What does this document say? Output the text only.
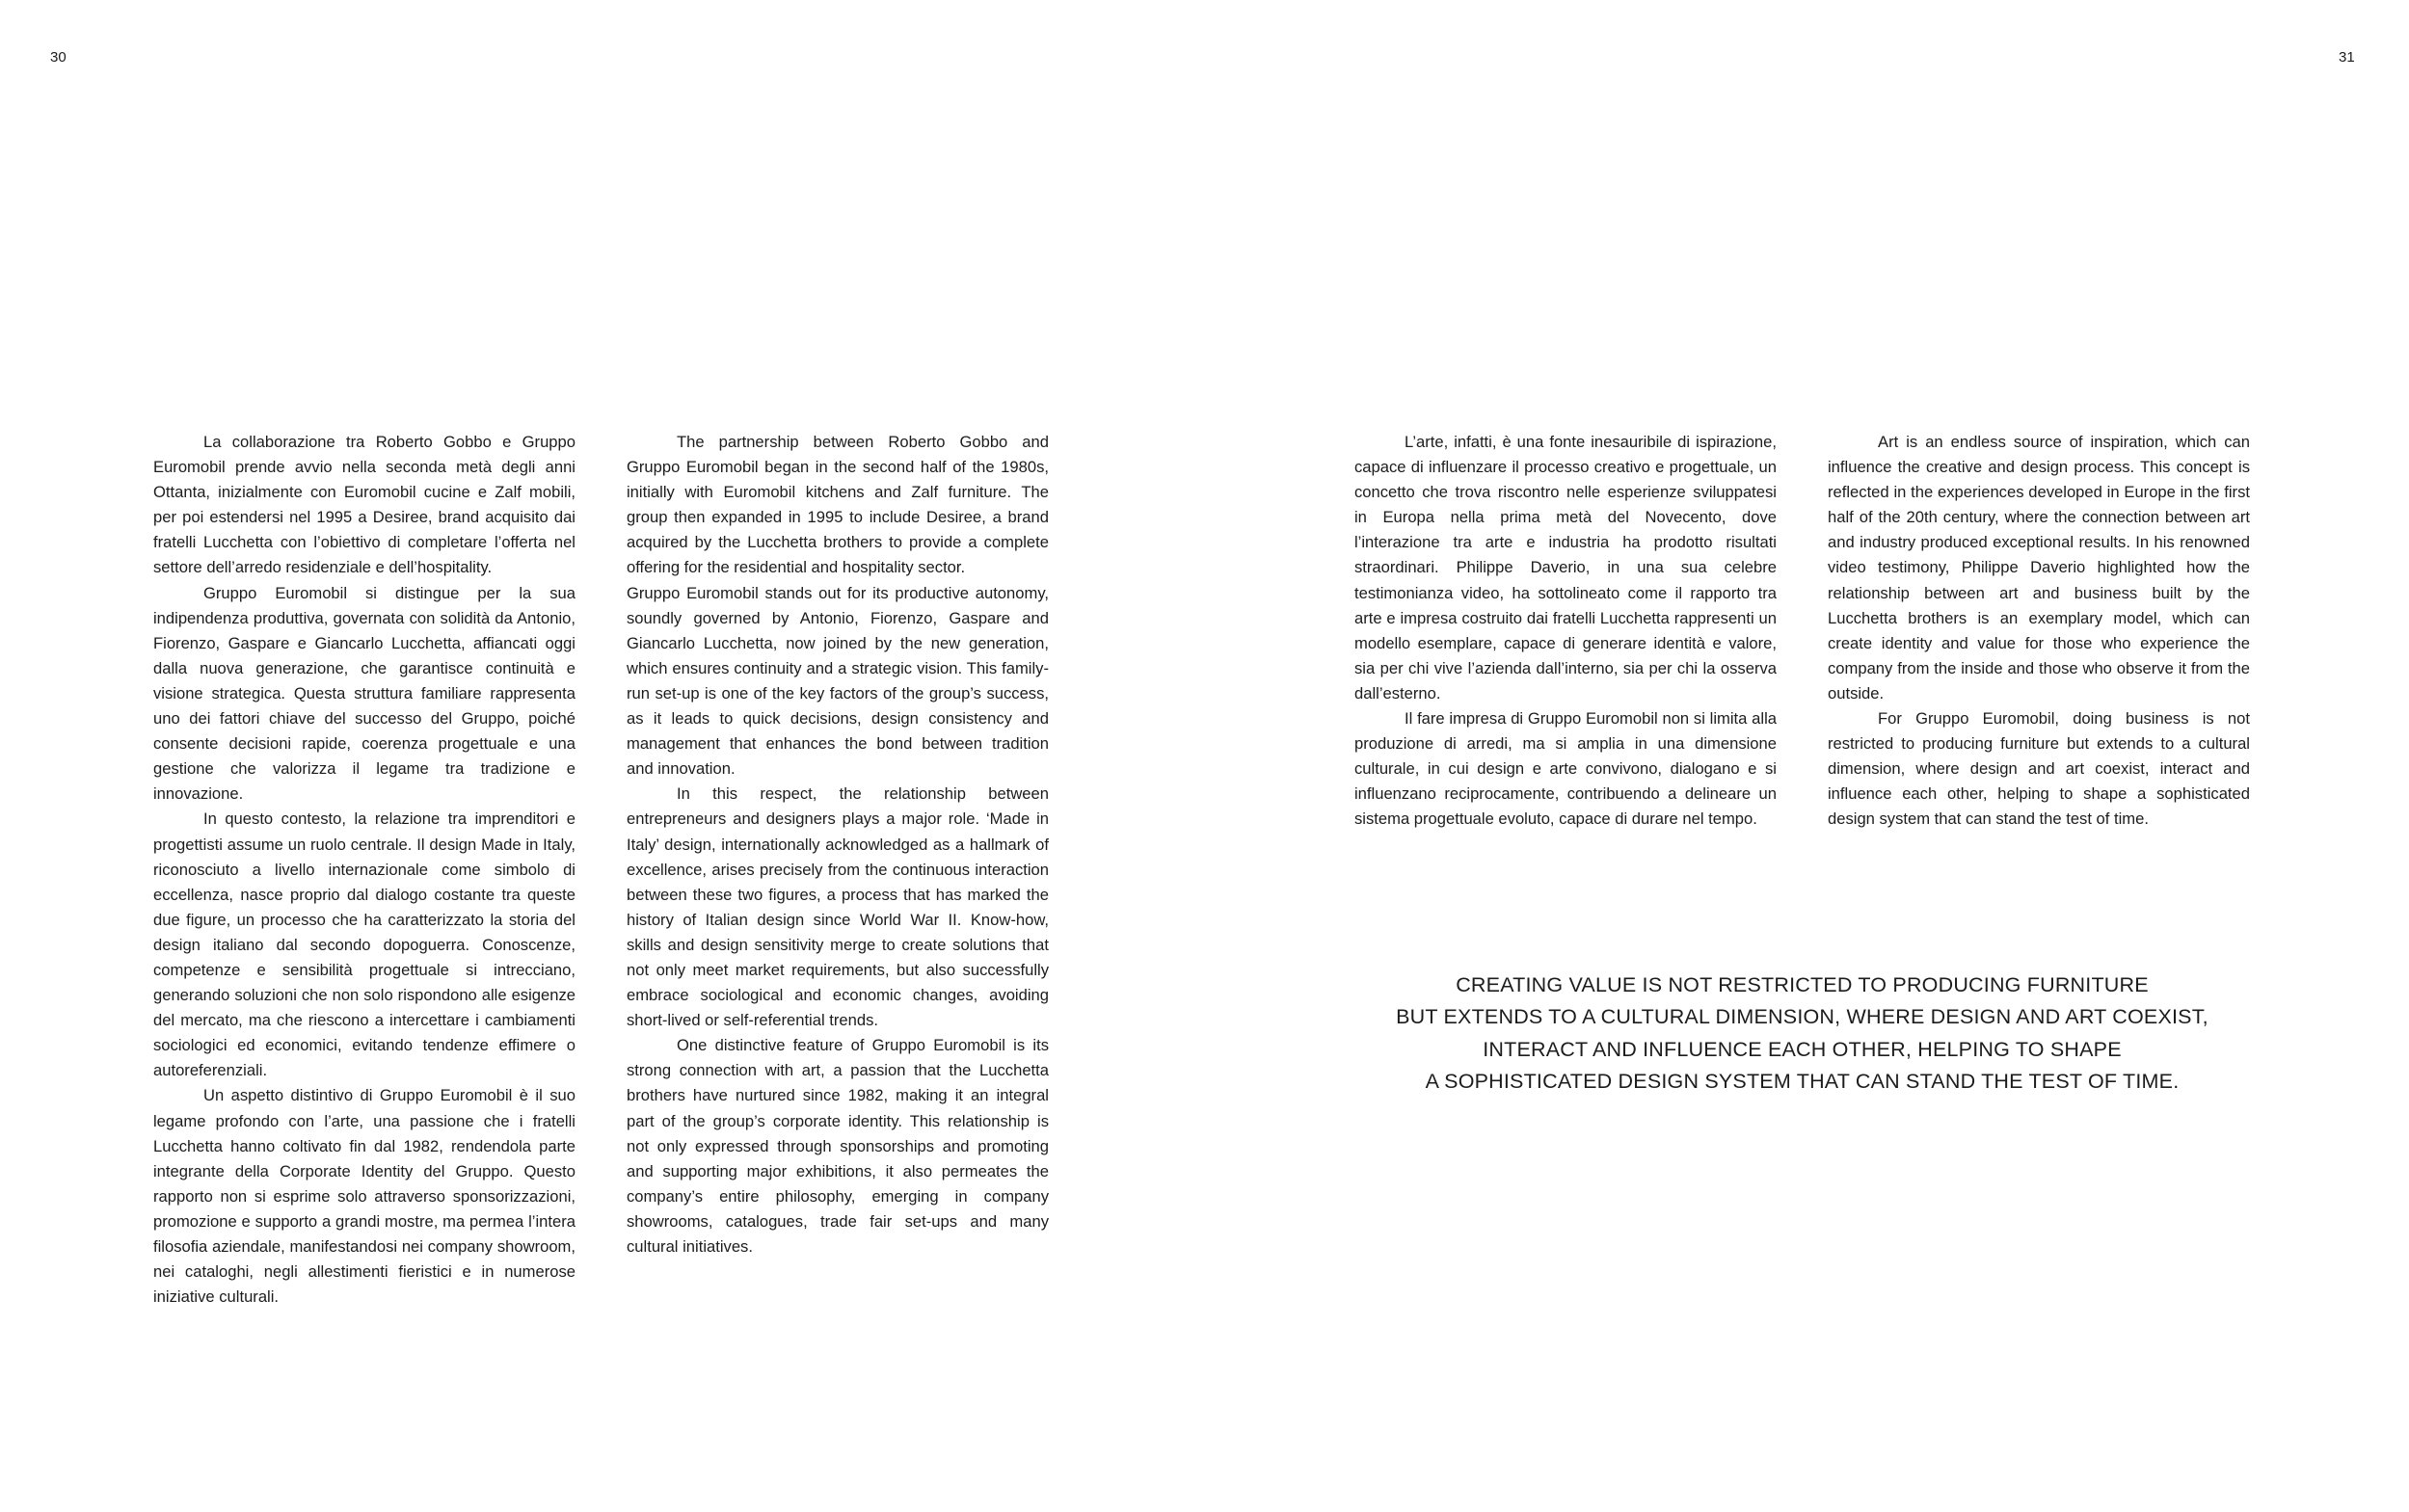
30	31

La collaborazione tra Roberto Gobbo e Gruppo Euromobil prende avvio nella seconda metà degli anni Ottanta, inizialmente con Euromobil cucine e Zalf mobili, per poi estendersi nel 1995 a Desiree, brand acquisito dai fratelli Lucchetta con l’obiettivo di completare l’offerta nel settore dell’arredo residenziale e dell’hospitality.

Gruppo Euromobil si distingue per la sua indipendenza produttiva, governata con solidità da Antonio, Fiorenzo, Gaspare e Giancarlo Lucchetta, affiancati oggi dalla nuova generazione, che garantisce continuità e visione strategica. Questa struttura familiare rappresenta uno dei fattori chiave del successo del Gruppo, poiché consente decisioni rapide, coerenza progettuale e una gestione che valorizza il legame tra tradizione e innovazione.

In questo contesto, la relazione tra imprenditori e progettisti assume un ruolo centrale. Il design Made in Italy, riconosciuto a livello internazionale come simbolo di eccellenza, nasce proprio dal dialogo costante tra queste due figure, un processo che ha caratterizzato la storia del design italiano dal secondo dopoguerra. Conoscenze, competenze e sensibilità progettuale si intrecciano, generando soluzioni che non solo rispondono alle esigenze del mercato, ma che riescono a intercettare i cambiamenti sociologici ed economici, evitando tendenze effimere o autoreferenziali.

Un aspetto distintivo di Gruppo Euromobil è il suo legame profondo con l’arte, una passione che i fratelli Lucchetta hanno coltivato fin dal 1982, rendendola parte integrante della Corporate Identity del Gruppo. Questo rapporto non si esprime solo attraverso sponsorizzazioni, promozione e supporto a grandi mostre, ma permea l’intera filosofia aziendale, manifestandosi nei company showroom, nei cataloghi, negli allestimenti fieristici e in numerose iniziative culturali.

The partnership between Roberto Gobbo and Gruppo Euromobil began in the second half of the 1980s, initially with Euromobil kitchens and Zalf furniture. The group then expanded in 1995 to include Desiree, a brand acquired by the Lucchetta brothers to provide a complete offering for the residential and hospitality sector.

Gruppo Euromobil stands out for its productive autonomy, soundly governed by Antonio, Fiorenzo, Gaspare and Giancarlo Lucchetta, now joined by the new generation, which ensures continuity and a strategic vision. This family-run set-up is one of the key factors of the group’s success, as it leads to quick decisions, design consistency and management that enhances the bond between tradition and innovation.

In this respect, the relationship between entrepreneurs and designers plays a major role. ‘Made in Italy’ design, internationally acknowledged as a hallmark of excellence, arises precisely from the continuous interaction between these two figures, a process that has marked the history of Italian design since World War II. Know-how, skills and design sensitivity merge to create solutions that not only meet market requirements, but also successfully embrace sociological and economic changes, avoiding short-lived or self-referential trends.

One distinctive feature of Gruppo Euromobil is its strong connection with art, a passion that the Lucchetta brothers have nurtured since 1982, making it an integral part of the group’s corporate identity. This relationship is not only expressed through sponsorships and promoting and supporting major exhibitions, it also permeates the company’s entire philosophy, emerging in company showrooms, catalogues, trade fair set-ups and many cultural initiatives.

L’arte, infatti, è una fonte inesauribile di ispirazione, capace di influenzare il processo creativo e progettuale, un concetto che trova riscontro nelle esperienze sviluppatesi in Europa nella prima metà del Novecento, dove l’interazione tra arte e industria ha prodotto risultati straordinari. Philippe Daverio, in una sua celebre testimonianza video, ha sottolineato come il rapporto tra arte e impresa costruito dai fratelli Lucchetta rappresenti un modello esemplare, capace di generare identità e valore, sia per chi vive l’azienda dall’interno, sia per chi la osserva dall’esterno.

Il fare impresa di Gruppo Euromobil non si limita alla produzione di arredi, ma si amplia in una dimensione culturale, in cui design e arte convivono, dialogano e si influenzano reciprocamente, contribuendo a delineare un sistema progettuale evoluto, capace di durare nel tempo.

Art is an endless source of inspiration, which can influence the creative and design process. This concept is reflected in the experiences developed in Europe in the first half of the 20th century, where the connection between art and industry produced exceptional results. In his renowned video testimony, Philippe Daverio highlighted how the relationship between art and business built by the Lucchetta brothers is an exemplary model, which can create identity and value for those who experience the company from the inside and those who observe it from the outside.

For Gruppo Euromobil, doing business is not restricted to producing furniture but extends to a cultural dimension, where design and art coexist, interact and influence each other, helping to shape a sophisticated design system that can stand the test of time.

CREATING VALUE IS NOT RESTRICTED TO PRODUCING FURNITURE
BUT EXTENDS TO A CULTURAL DIMENSION, WHERE DESIGN AND ART COEXIST,
INTERACT AND INFLUENCE EACH OTHER, HELPING TO SHAPE
A SOPHISTICATED DESIGN SYSTEM THAT CAN STAND THE TEST OF TIME.
